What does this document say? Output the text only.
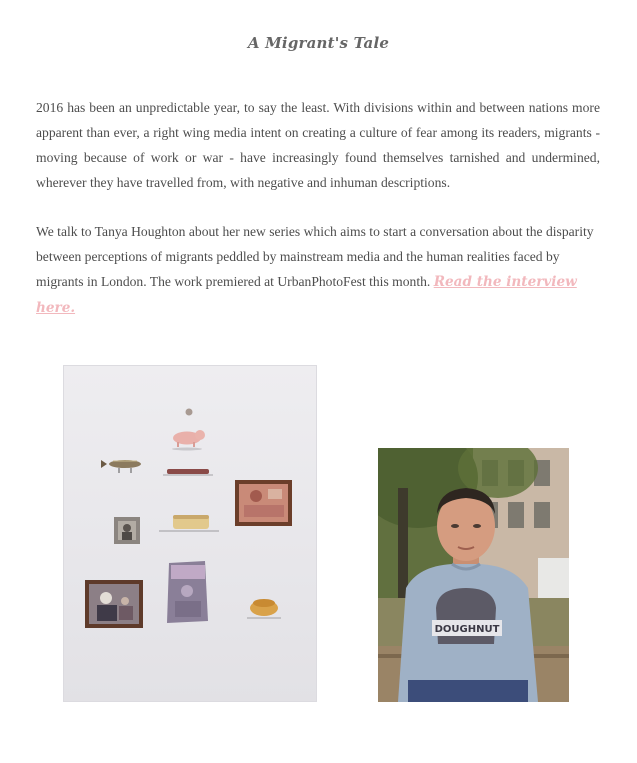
A Migrant's Tale

2016 has been an unpredictable year, to say the least. With divisions within and between nations more apparent than ever, a right wing media intent on creating a culture of fear among its readers, migrants - moving because of work or war - have increasingly found themselves tarnished and undermined, wherever they have travelled from, with negative and inhuman descriptions.

We talk to Tanya Houghton about her new series which aims to start a conversation about the disparity between perceptions of migrants peddled by mainstream media and the human realities faced by migrants in London. The work premiered at UrbanPhotoFest this month. Read the interview here.

DOUGHNUT
